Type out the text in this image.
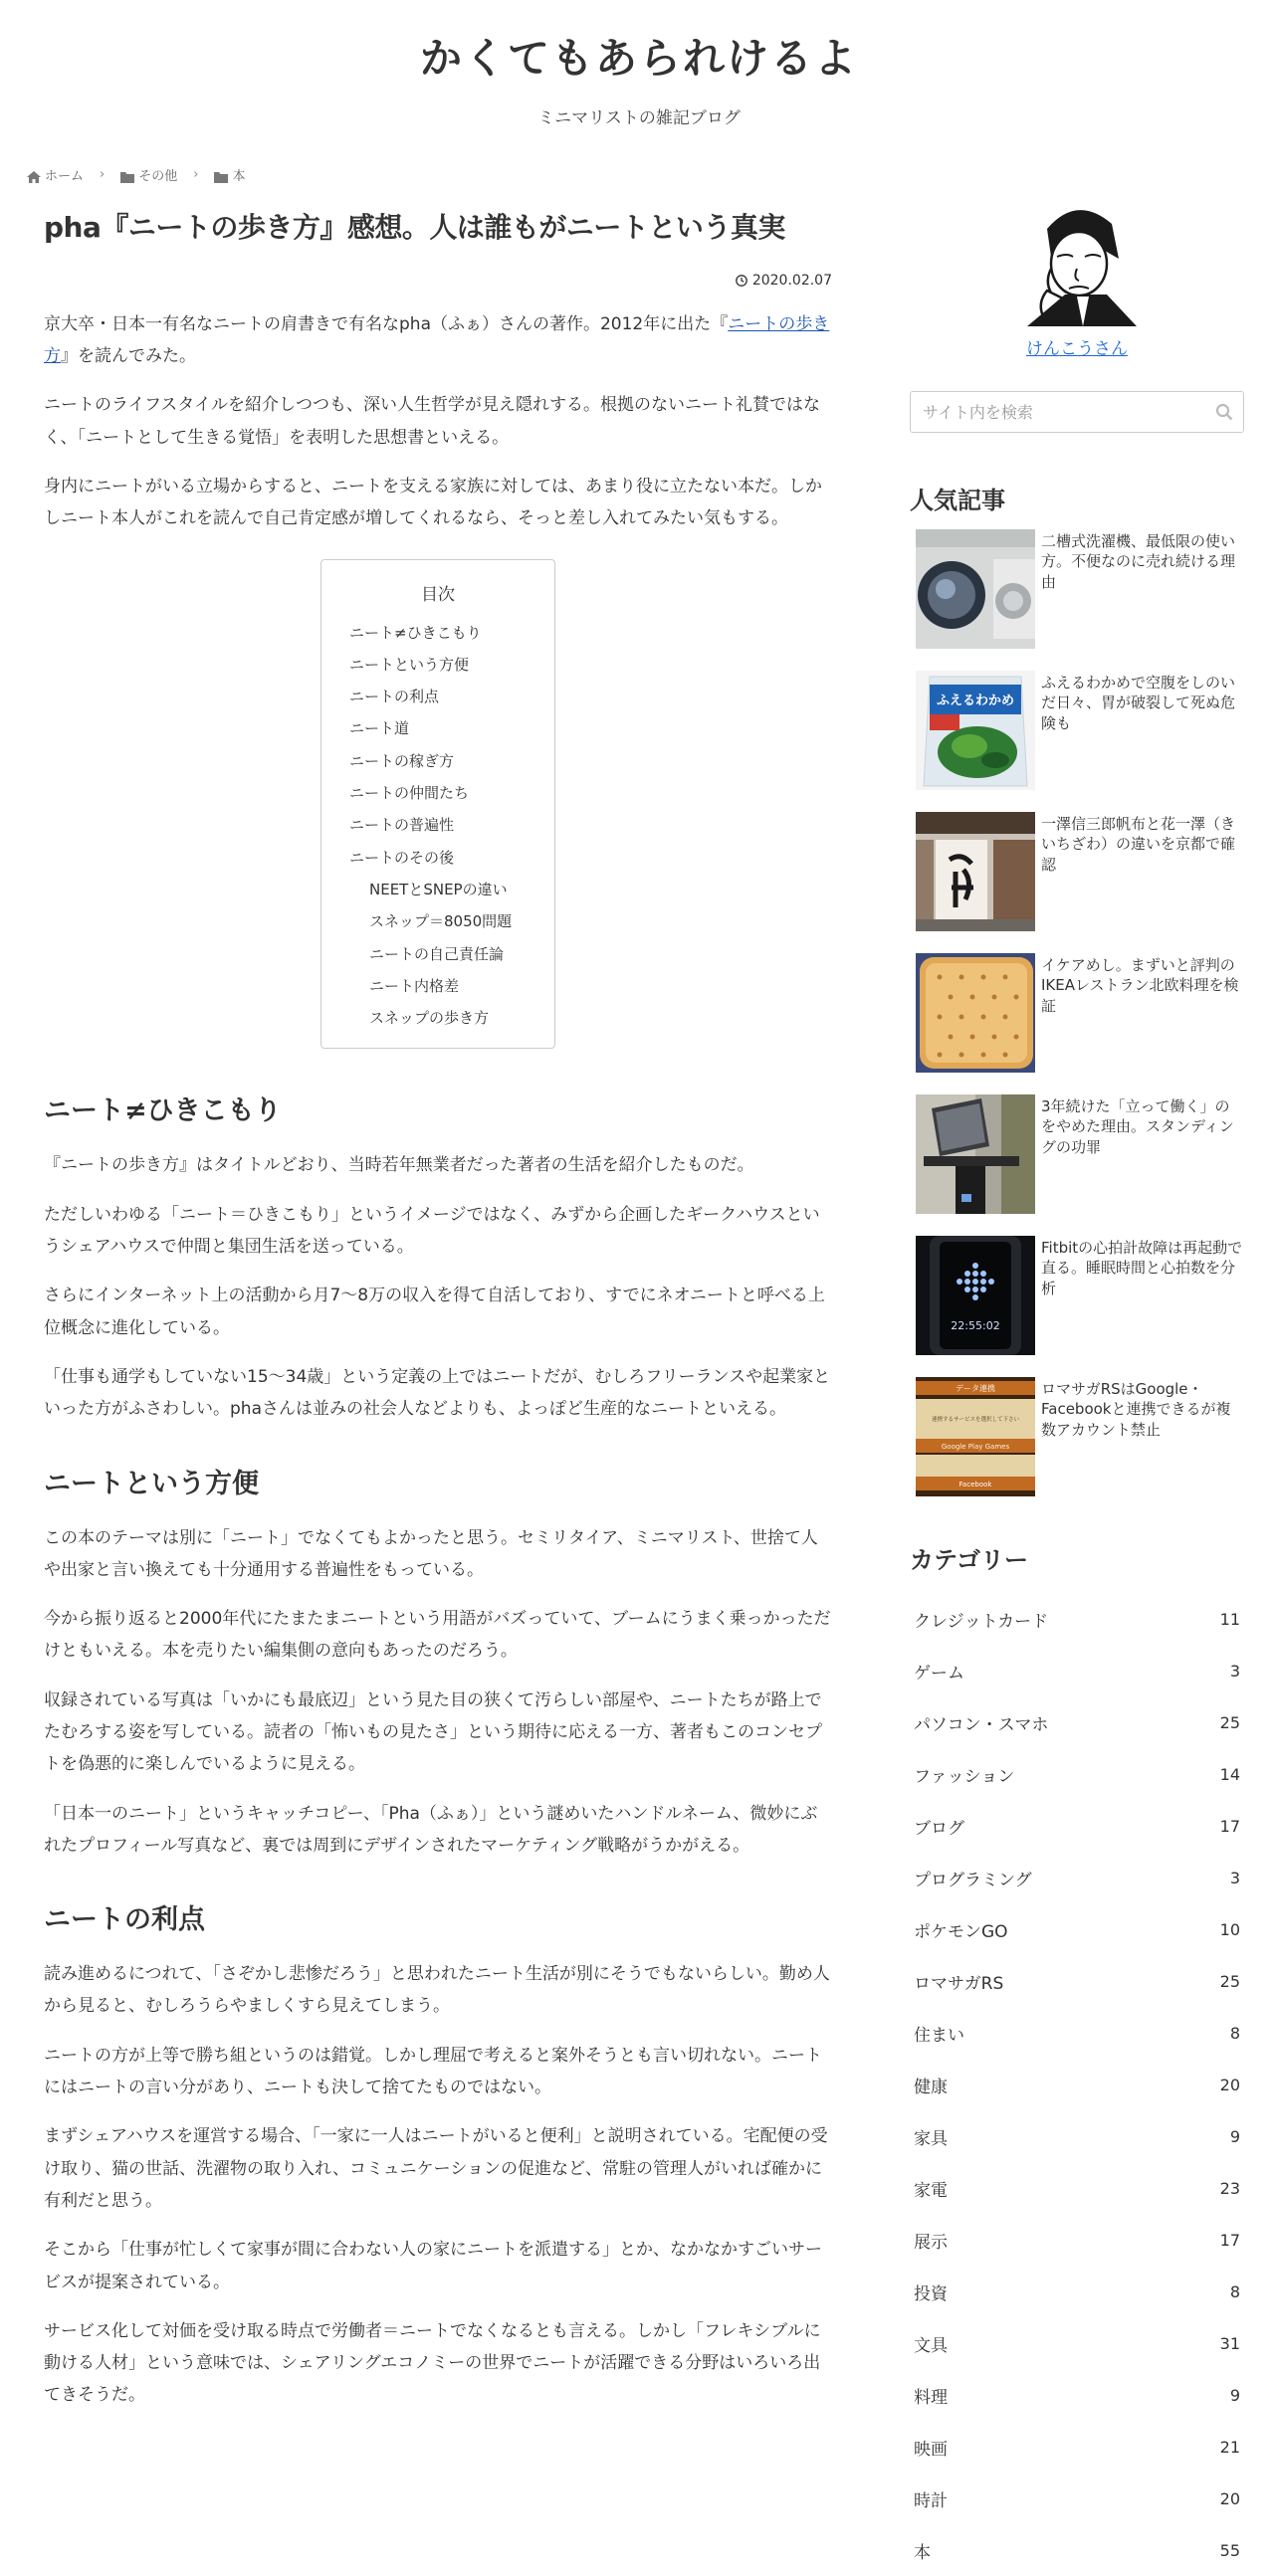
かくてもあられけるよ
ミニマリストの雑記ブログ
ホーム ›	その他 ›	本
pha『ニートの歩き方』感想。人は誰もがニートという真実
2020.02.07

京大卒・日本一有名なニートの肩書きで有名なpha（ふぁ）さんの著作。2012年に出た『ニートの歩き方』を読んでみた。

ニートのライフスタイルを紹介しつつも、深い人生哲学が見え隠れする。根拠のないニート礼賛ではなく、「ニートとして生きる覚悟」を表明した思想書といえる。

身内にニートがいる立場からすると、ニートを支える家族に対しては、あまり役に立たない本だ。しかしニート本人がこれを読んで自己肯定感が増してくれるなら、そっと差し入れてみたい気もする。

目次
ニート≠ひきこもり
ニートという方便
ニートの利点
ニート道
ニートの稼ぎ方
ニートの仲間たち
ニートの普遍性
ニートのその後
NEETとSNEPの違い
スネップ＝8050問題
ニートの自己責任論
ニート内格差
スネップの歩き方
ニート≠ひきこもり

『ニートの歩き方』はタイトルどおり、当時若年無業者だった著者の生活を紹介したものだ。

ただしいわゆる「ニート＝ひきこもり」というイメージではなく、みずから企画したギークハウスというシェアハウスで仲間と集団生活を送っている。

さらにインターネット上の活動から月7～8万の収入を得て自活しており、すでにネオニートと呼べる上位概念に進化している。

「仕事も通学もしていない15～34歳」という定義の上ではニートだが、むしろフリーランスや起業家といった方がふさわしい。phaさんは並みの社会人などよりも、よっぽど生産的なニートといえる。

ニートという方便

この本のテーマは別に「ニート」でなくてもよかったと思う。セミリタイア、ミニマリスト、世捨て人や出家と言い換えても十分通用する普遍性をもっている。

今から振り返ると2000年代にたまたまニートという用語がバズっていて、ブームにうまく乗っかっただけともいえる。本を売りたい編集側の意向もあったのだろう。

収録されている写真は「いかにも最底辺」という見た目の狭くて汚らしい部屋や、ニートたちが路上でたむろする姿を写している。読者の「怖いもの見たさ」という期待に応える一方、著者もこのコンセプトを偽悪的に楽しんでいるように見える。

「日本一のニート」というキャッチコピー、「Pha（ふぁ）」という謎めいたハンドルネーム、微妙にぶれたプロフィール写真など、裏では周到にデザインされたマーケティング戦略がうかがえる。

ニートの利点

読み進めるにつれて、「さぞかし悲惨だろう」と思われたニート生活が別にそうでもないらしい。勤め人から見ると、むしろうらやましくすら見えてしまう。

ニートの方が上等で勝ち組というのは錯覚。しかし理屈で考えると案外そうとも言い切れない。ニートにはニートの言い分があり、ニートも決して捨てたものではない。

まずシェアハウスを運営する場合、「一家に一人はニートがいると便利」と説明されている。宅配便の受け取り、猫の世話、洗濯物の取り入れ、コミュニケーションの促進など、常駐の管理人がいれば確かに有利だと思う。

そこから「仕事が忙しくて家事が間に合わない人の家にニートを派遣する」とか、なかなかすごいサービスが提案されている。

サービス化して対価を受け取る時点で労働者＝ニートでなくなるとも言える。しかし「フレキシブルに動ける人材」という意味では、シェアリングエコノミーの世界でニートが活躍できる分野はいろいろ出てきそうだ。

けんこうさん
サイト内を検索
人気記事
二槽式洗濯機、最低限の使い方。不便なのに売れ続ける理由
ふえるわかめ
ふえるわかめで空腹をしのいだ日々、胃が破裂して死ぬ危険も
一澤信三郎帆布と花一澤（きいちざわ）の違いを京都で確認
イケアめし。まずいと評判のIKEAレストラン北欧料理を検証
3年続けた「立って働く」のをやめた理由。スタンディングの功罪
22:55:02
Fitbitの心拍計故障は再起動で直る。睡眠時間と心拍数を分析
データ連携
連携するサービスを選択して下さい
Google Play Games
Facebook
ロマサガRSはGoogle・Facebookと連携できるが複数アカウント禁止
カテゴリー
クレジットカード	11
ゲーム	3
パソコン・スマホ	25
ファッション	14
ブログ	17
プログラミング	3
ポケモンGO	10
ロマサガRS	25
住まい	8
健康	20
家具	9
家電	23
展示	17
投資	8
文具	31
料理	9
映画	21
時計	20
本	55
